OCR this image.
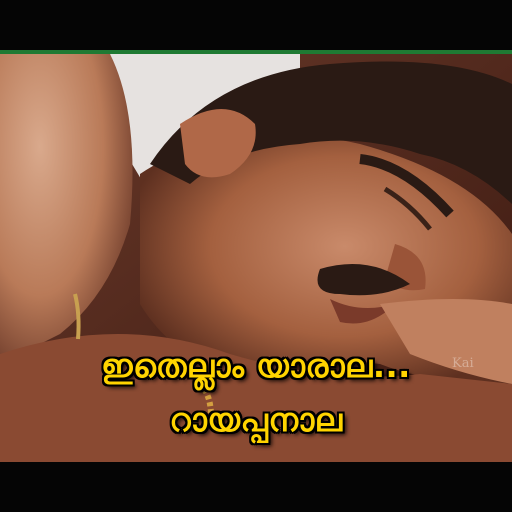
ഇതെല്ലാം യാരാല...
റായപ്പനാല
Kai
